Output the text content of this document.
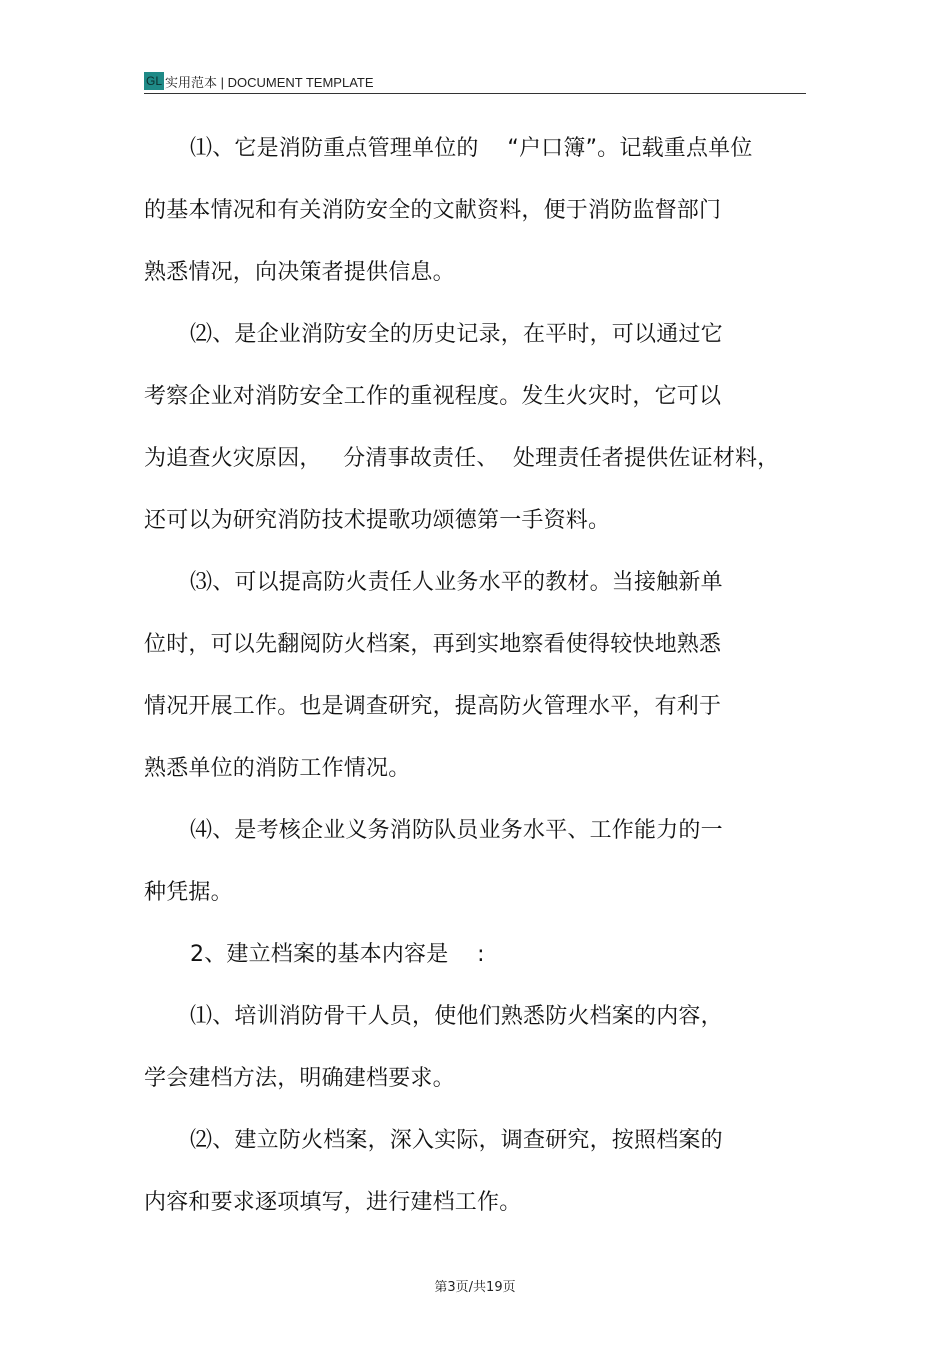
GL 实用范本 | DOCUMENT TEMPLATE
⑴、它是消防重点管理单位的    “户口簿”。记载重点单位
的基本情况和有关消防安全的文献资料，便于消防监督部门
熟悉情况，向决策者提供信息。
⑵、是企业消防安全的历史记录，在平时，可以通过它
考察企业对消防安全工作的重视程度。发生火灾时，它可以
为追查火灾原因，   分清事故责任、  处理责任者提供佐证材料，
还可以为研究消防技术提歌功颂德第一手资料。
⑶、可以提高防火责任人业务水平的教材。当接触新单
位时，可以先翻阅防火档案，再到实地察看使得较快地熟悉
情况开展工作。也是调查研究，提高防火管理水平，有利于
熟悉单位的消防工作情况。
⑷、是考核企业义务消防队员业务水平、工作能力的一
种凭据。
2、建立档案的基本内容是    :
⑴、培训消防骨干人员，使他们熟悉防火档案的内容，
学会建档方法，明确建档要求。
⑵、建立防火档案，深入实际，调查研究，按照档案的
内容和要求逐项填写，进行建档工作。
第3页/共19页
